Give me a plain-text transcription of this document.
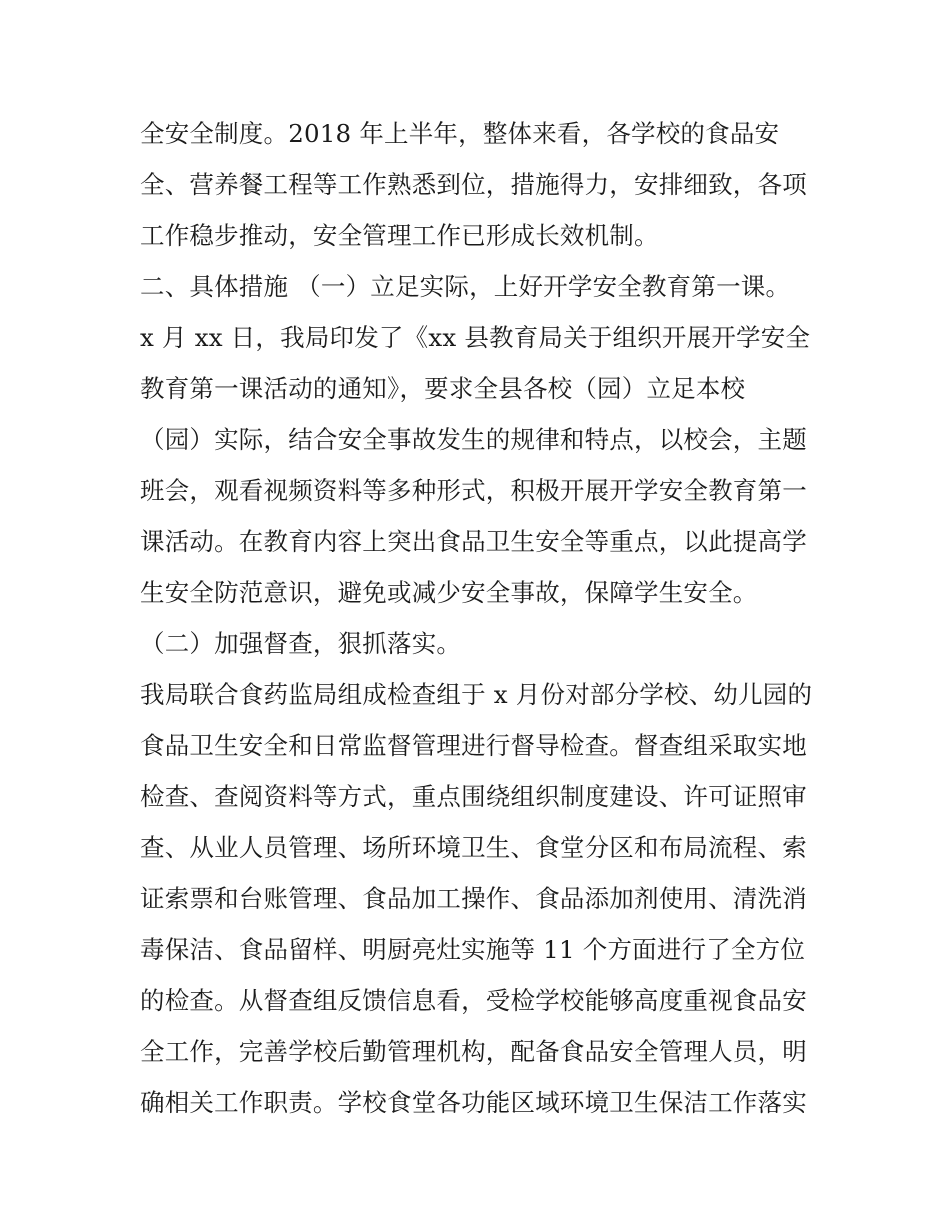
全安全制度。2018 年上半年，整体来看，各学校的食品安
全、营养餐工程等工作熟悉到位，措施得力，安排细致，各项
工作稳步推动，安全管理工作已形成长效机制。
二、具体措施 （一）立足实际，上好开学安全教育第一课。
x 月 xx 日，我局印发了《xx 县教育局关于组织开展开学安全
教育第一课活动的通知》，要求全县各校（园）立足本校
（园）实际，结合安全事故发生的规律和特点，以校会，主题
班会，观看视频资料等多种形式，积极开展开学安全教育第一
课活动。在教育内容上突出食品卫生安全等重点，以此提高学
生安全防范意识，避免或减少安全事故，保障学生安全。
（二）加强督查，狠抓落实。
我局联合食药监局组成检查组于 x 月份对部分学校、幼儿园的
食品卫生安全和日常监督管理进行督导检查。督查组采取实地
检查、查阅资料等方式，重点围绕组织制度建设、许可证照审
查、从业人员管理、场所环境卫生、食堂分区和布局流程、索
证索票和台账管理、食品加工操作、食品添加剂使用、清洗消
毒保洁、食品留样、明厨亮灶实施等 11 个方面进行了全方位
的检查。从督查组反馈信息看，受检学校能够高度重视食品安
全工作，完善学校后勤管理机构，配备食品安全管理人员，明
确相关工作职责。学校食堂各功能区域环境卫生保洁工作落实
